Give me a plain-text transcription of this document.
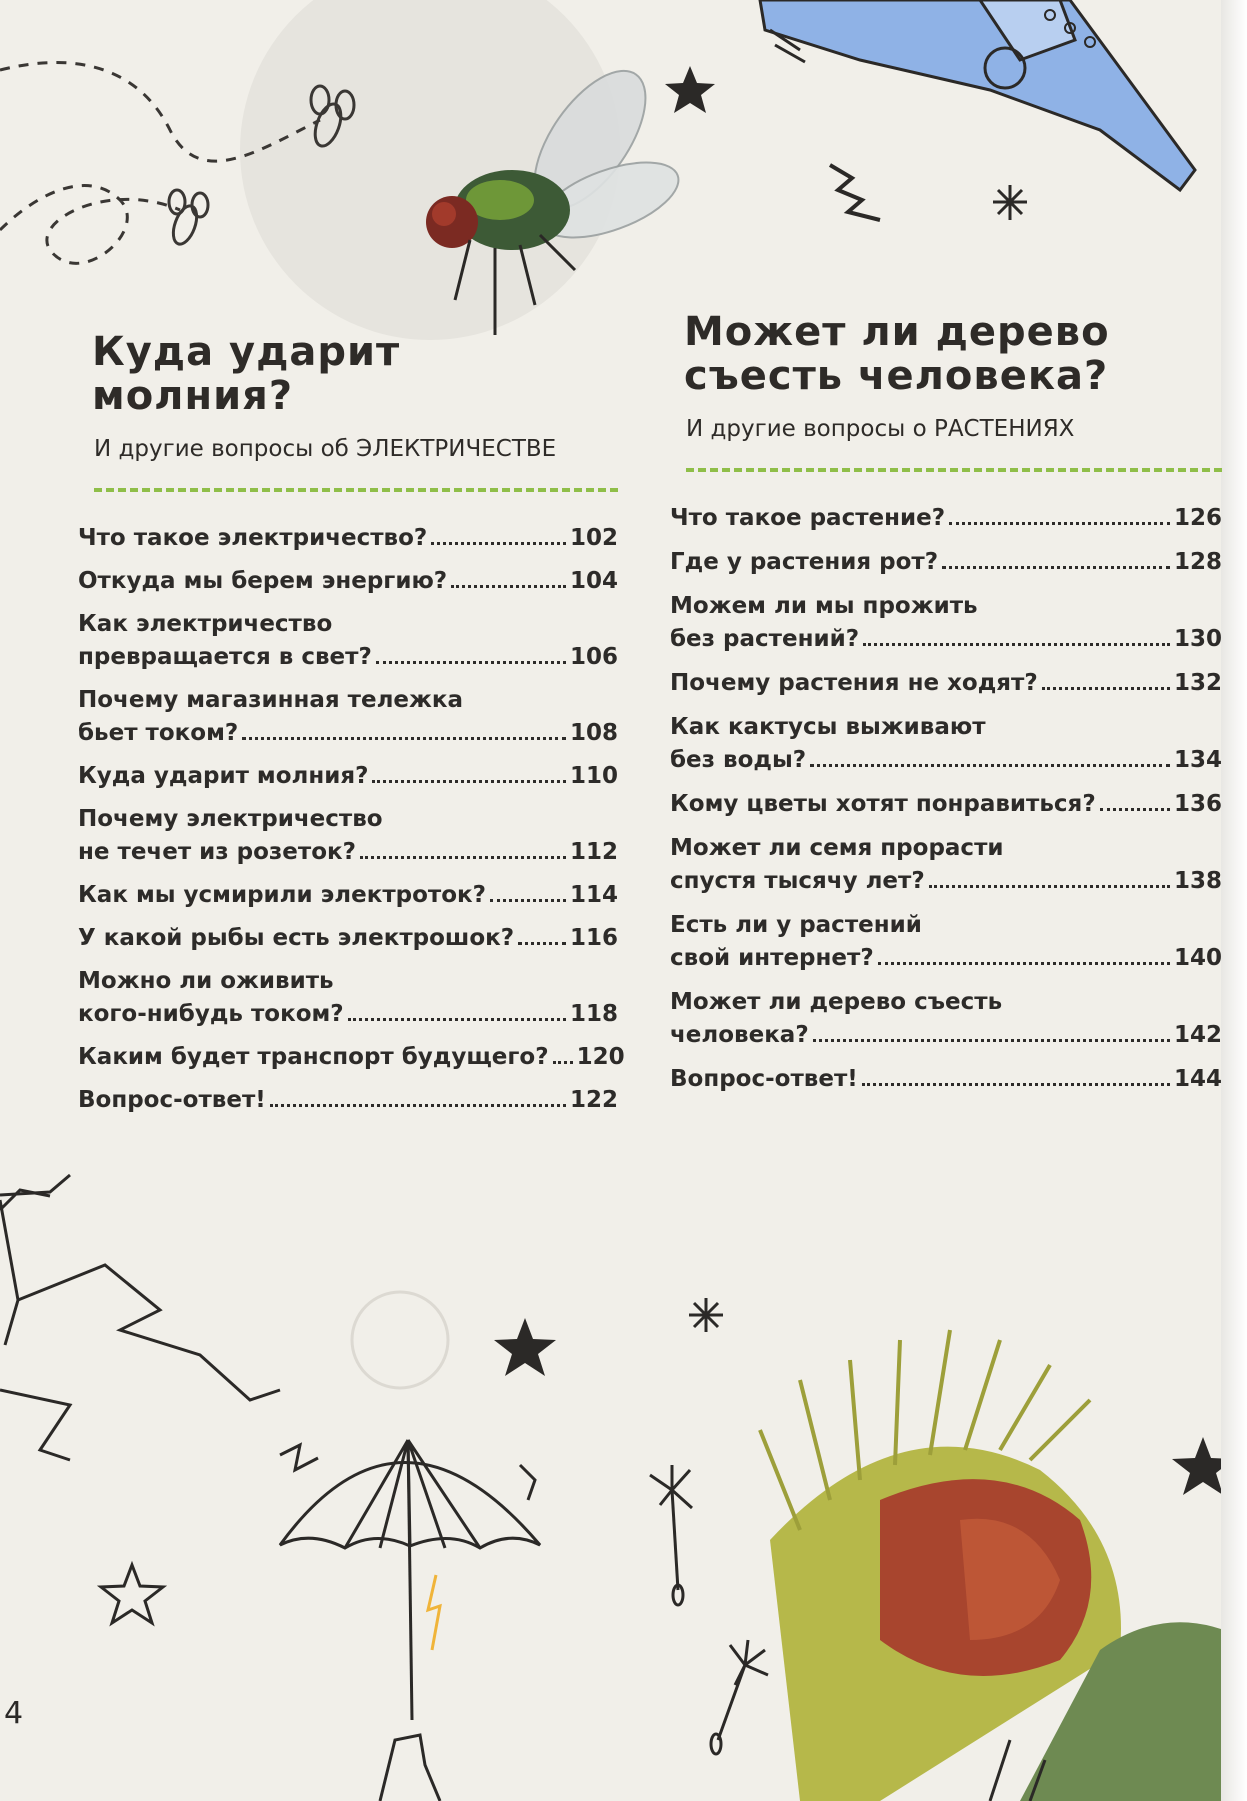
Куда ударит
молния?
И другие вопросы об ЭЛЕКТРИЧЕСТВЕ
Что такое электричество?	102
Откуда мы берем энергию?	104
Как электричество
превращается в свет?	106
Почему магазинная тележка
бьет током?	108
Куда ударит молния?	110
Почему электричество
не течет из розеток?	112
Как мы усмирили электроток?	114
У какой рыбы есть электрошок? 116
Можно ли оживить
кого-нибудь током?	118
Каким будет транспорт будущего? 120
Вопрос-ответ!	122
Может ли дерево
съесть человека?
И другие вопросы о РАСТЕНИЯХ
Что такое растение?	126
Где у растения рот?	128
Можем ли мы прожить
без растений?	130
Почему растения не ходят?	132
Как кактусы выживают
без воды?	134
Кому цветы хотят понравиться?	136
Может ли семя прорасти
спустя тысячу лет?	138
Есть ли у растений
свой интернет?	140
Может ли дерево съесть
человека?	142
Вопрос-ответ!	144
4
